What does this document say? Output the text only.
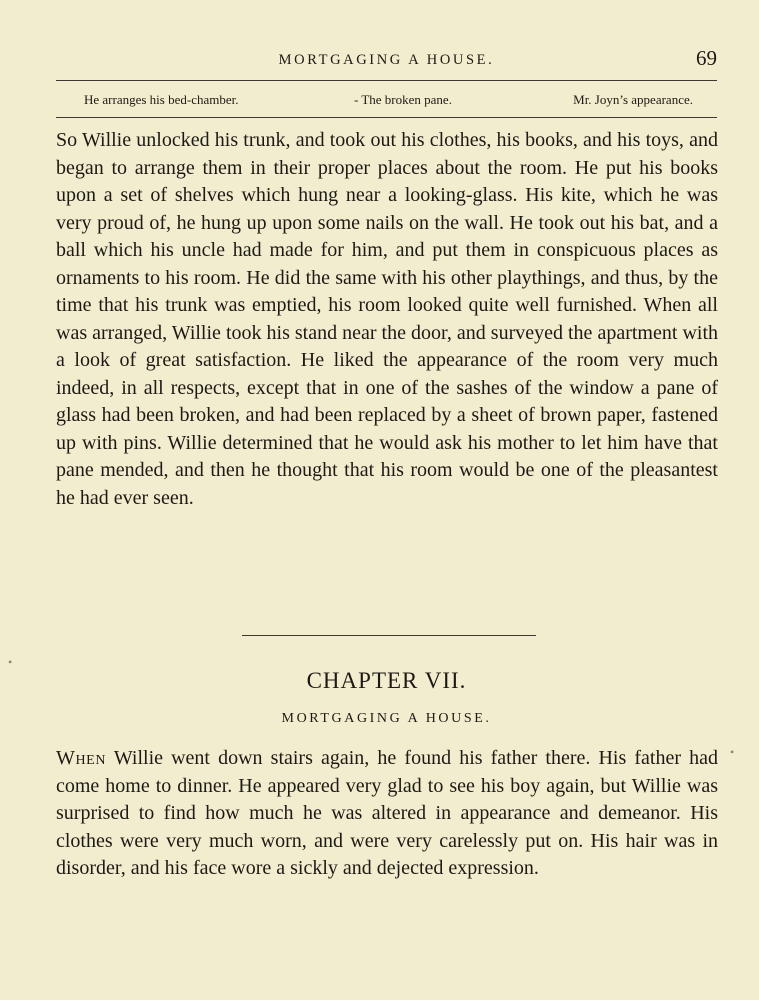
MORTGAGING A HOUSE.	69
He arranges his bed-chamber.	- The broken pane.	Mr. Joyn’s appearance.

So Willie unlocked his trunk, and took out his clothes, his books, and his toys, and began to arrange them in their proper places about the room. He put his books upon a set of shelves which hung near a looking-glass. His kite, which he was very proud of, he hung up upon some nails on the wall. He took out his bat, and a ball which his uncle had made for him, and put them in conspicuous places as ornaments to his room. He did the same with his other playthings, and thus, by the time that his trunk was emptied, his room looked quite well furnished. When all was arranged, Willie took his stand near the door, and surveyed the apartment with a look of great satisfaction. He liked the appearance of the room very much indeed, in all respects, except that in one of the sashes of the window a pane of glass had been broken, and had been replaced by a sheet of brown paper, fastened up with pins. Willie determined that he would ask his mother to let him have that pane mended, and then he thought that his room would be one of the pleasantest he had ever seen.

CHAPTER VII.
MORTGAGING A HOUSE.

When Willie went down stairs again, he found his father there. His father had come home to dinner. He appeared very glad to see his boy again, but Willie was surprised to find how much he was altered in appearance and demeanor. His clothes were very much worn, and were very carelessly put on. His hair was in disorder, and his face wore a sickly and dejected expression.

•
•
